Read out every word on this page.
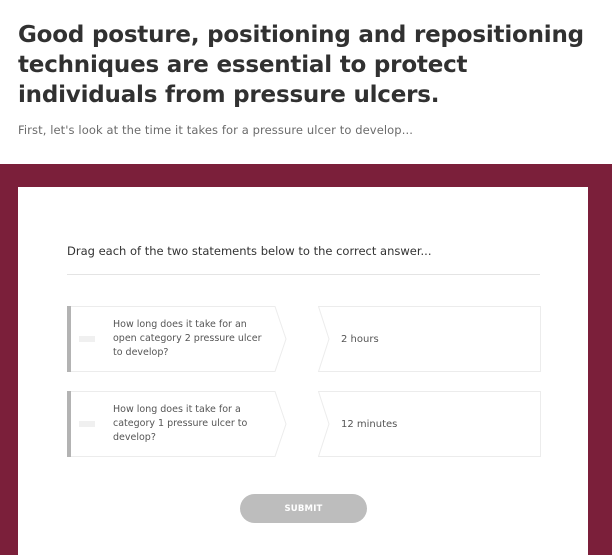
Good posture, positioning and repositioning techniques are essential to protect individuals from pressure ulcers.

First, let's look at the time it takes for a pressure ulcer to develop...

Drag each of the two statements below to the correct answer...

How long does it take for an open category 2 pressure ulcer to develop?
2 hours
How long does it take for a category 1 pressure ulcer to develop?
12 minutes
SUBMIT
